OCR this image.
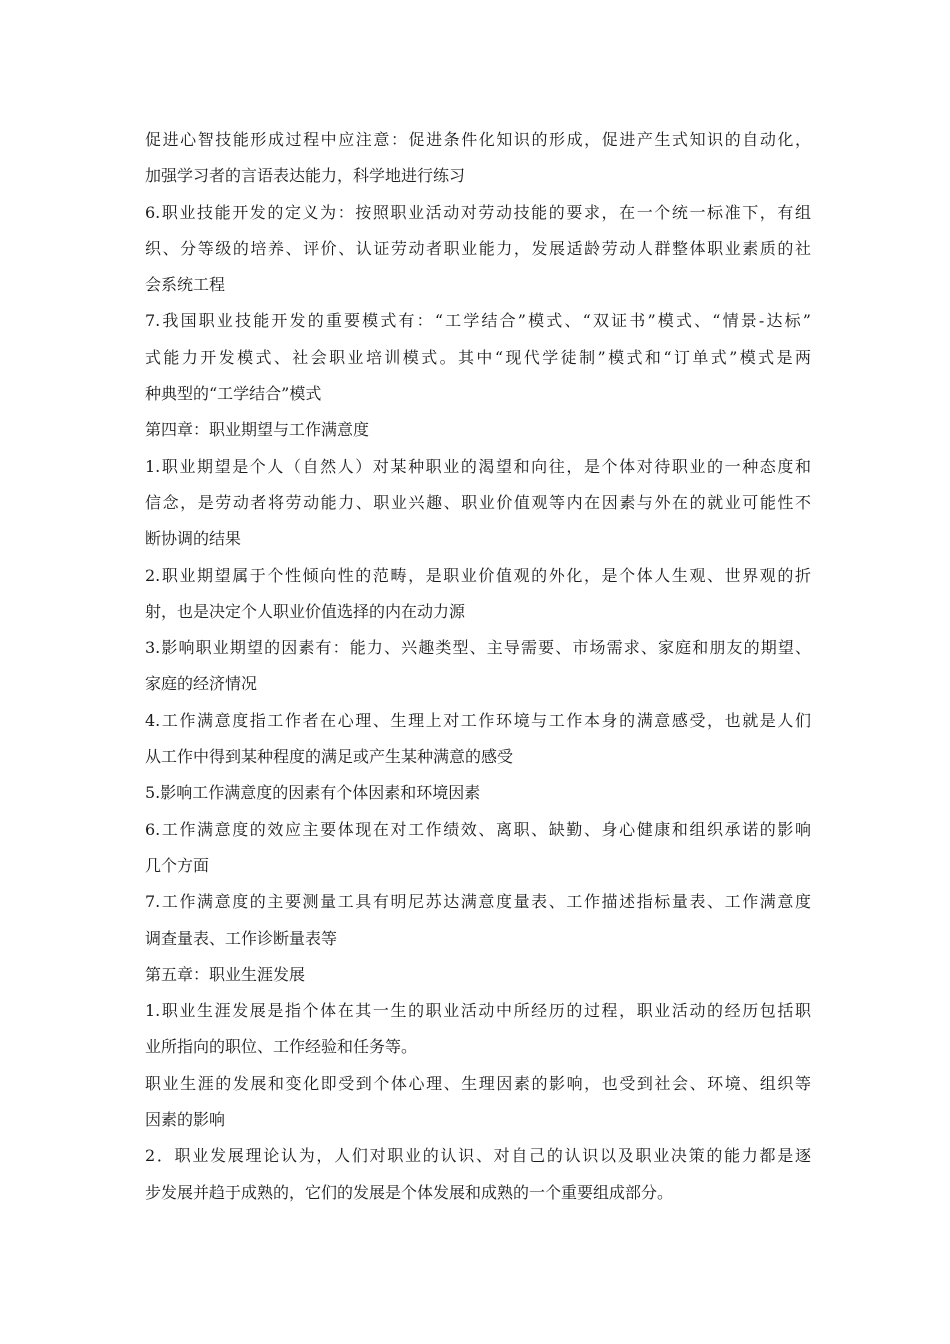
促进心智技能形成过程中应注意：促进条件化知识的形成，促进产生式知识的自动化，

加强学习者的言语表达能力，科学地进行练习

6.职业技能开发的定义为：按照职业活动对劳动技能的要求，在一个统一标准下，有组

织、分等级的培养、评价、认证劳动者职业能力，发展适龄劳动人群整体职业素质的社

会系统工程

7.我国职业技能开发的重要模式有：“工学结合”模式、“双证书”模式、“情景-达标”

式能力开发模式、社会职业培训模式。其中“现代学徒制”模式和“订单式”模式是两

种典型的“工学结合”模式

第四章：职业期望与工作满意度

1.职业期望是个人（自然人）对某种职业的渴望和向往，是个体对待职业的一种态度和

信念，是劳动者将劳动能力、职业兴趣、职业价值观等内在因素与外在的就业可能性不

断协调的结果

2.职业期望属于个性倾向性的范畴，是职业价值观的外化，是个体人生观、世界观的折

射，也是决定个人职业价值选择的内在动力源

3.影响职业期望的因素有：能力、兴趣类型、主导需要、市场需求、家庭和朋友的期望、

家庭的经济情况

4.工作满意度指工作者在心理、生理上对工作环境与工作本身的满意感受，也就是人们

从工作中得到某种程度的满足或产生某种满意的感受

5.影响工作满意度的因素有个体因素和环境因素

6.工作满意度的效应主要体现在对工作绩效、离职、缺勤、身心健康和组织承诺的影响

几个方面

7.工作满意度的主要测量工具有明尼苏达满意度量表、工作描述指标量表、工作满意度

调查量表、工作诊断量表等

第五章：职业生涯发展

1.职业生涯发展是指个体在其一生的职业活动中所经历的过程，职业活动的经历包括职

业所指向的职位、工作经验和任务等。

职业生涯的发展和变化即受到个体心理、生理因素的影响，也受到社会、环境、组织等

因素的影响

2．职业发展理论认为，人们对职业的认识、对自己的认识以及职业决策的能力都是逐

步发展并趋于成熟的，它们的发展是个体发展和成熟的一个重要组成部分。
